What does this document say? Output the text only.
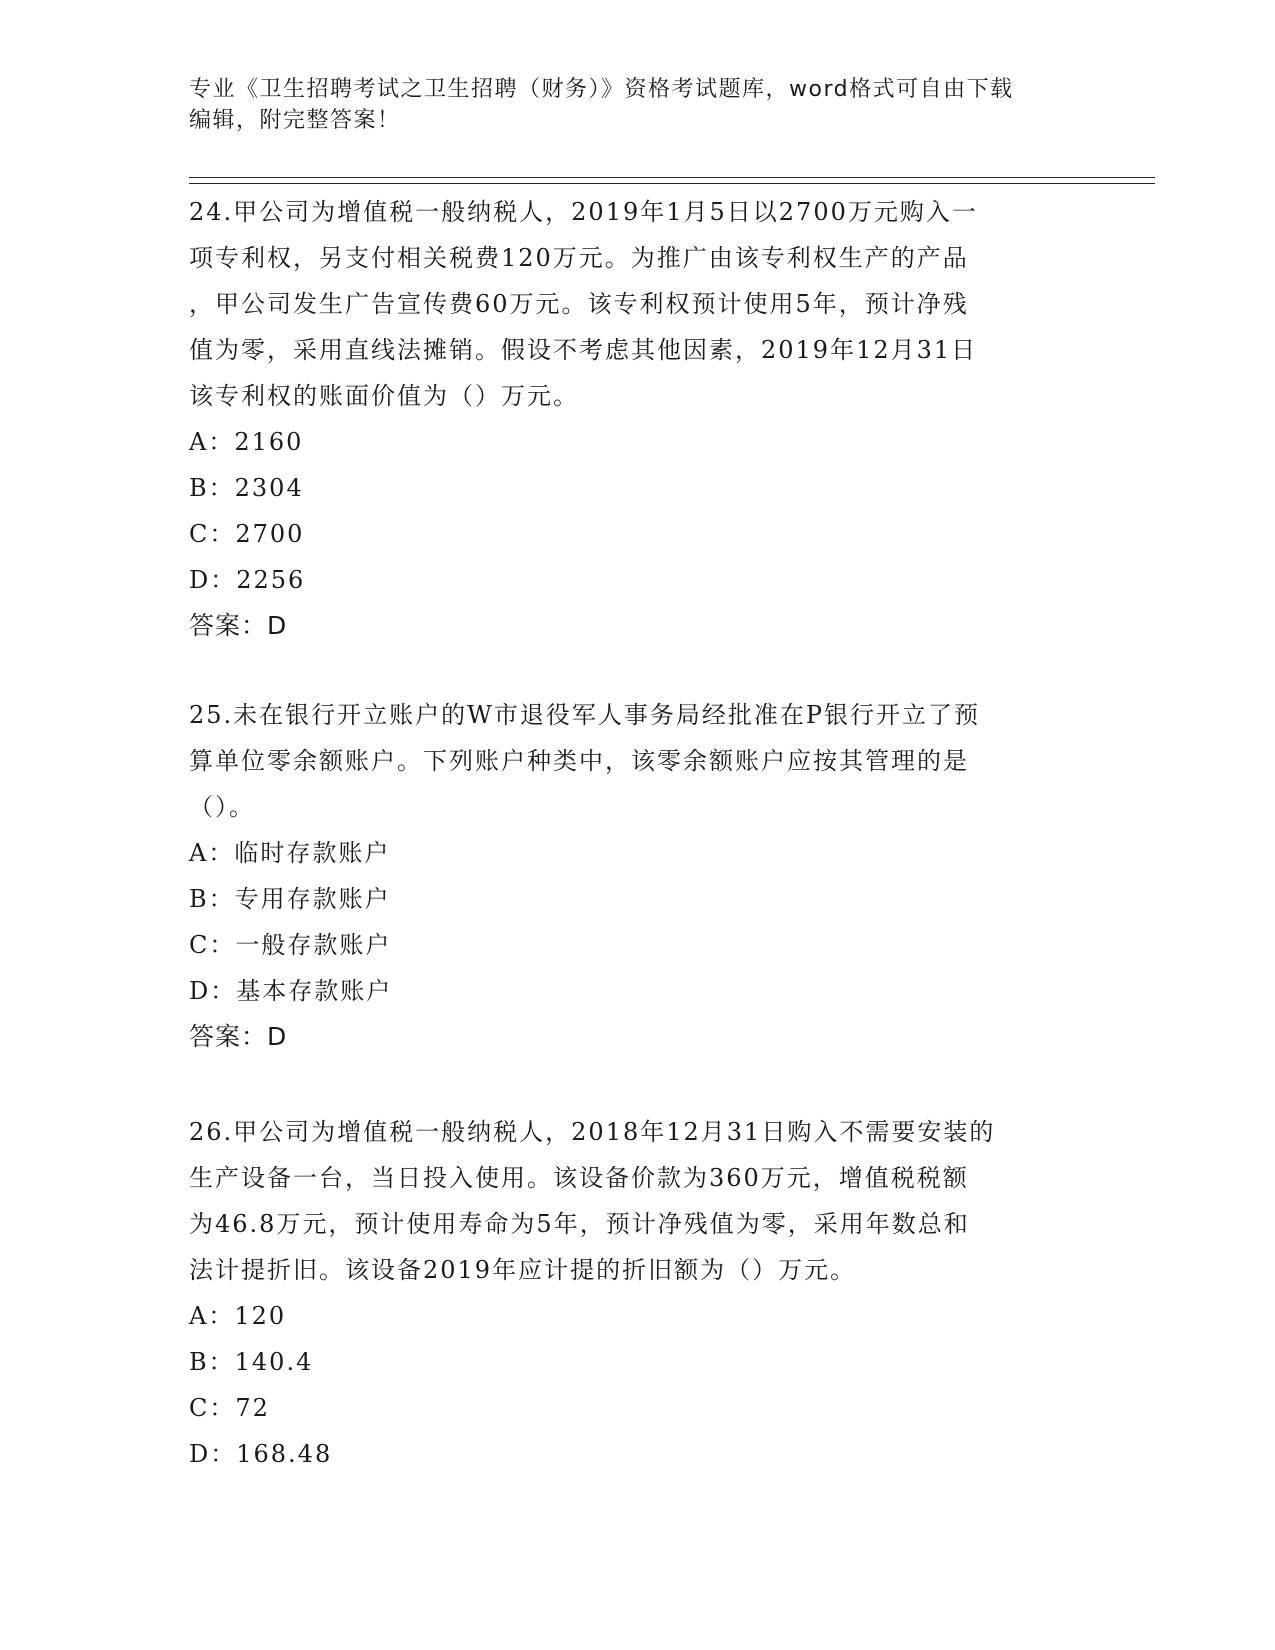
专业《卫生招聘考试之卫生招聘（财务）》资格考试题库，word格式可自由下载
编辑，附完整答案！
24.甲公司为增值税一般纳税人，2019年1月5日以2700万元购入一
项专利权，另支付相关税费120万元。为推广由该专利权生产的产品
，甲公司发生广告宣传费60万元。该专利权预计使用5年，预计净残
值为零，采用直线法摊销。假设不考虑其他因素，2019年12月31日
该专利权的账面价值为（）万元。
A：2160
B：2304
C：2700
D：2256
答案：D
25.未在银行开立账户的W市退役军人事务局经批准在P银行开立了预
算单位零余额账户。下列账户种类中，该零余额账户应按其管理的是
（）。
A：临时存款账户
B：专用存款账户
C：一般存款账户
D：基本存款账户
答案：D
26.甲公司为增值税一般纳税人，2018年12月31日购入不需要安装的
生产设备一台，当日投入使用。该设备价款为360万元，增值税税额
为46.8万元，预计使用寿命为5年，预计净残值为零，采用年数总和
法计提折旧。该设备2019年应计提的折旧额为（）万元。
A：120
B：140.4
C：72
D：168.48
